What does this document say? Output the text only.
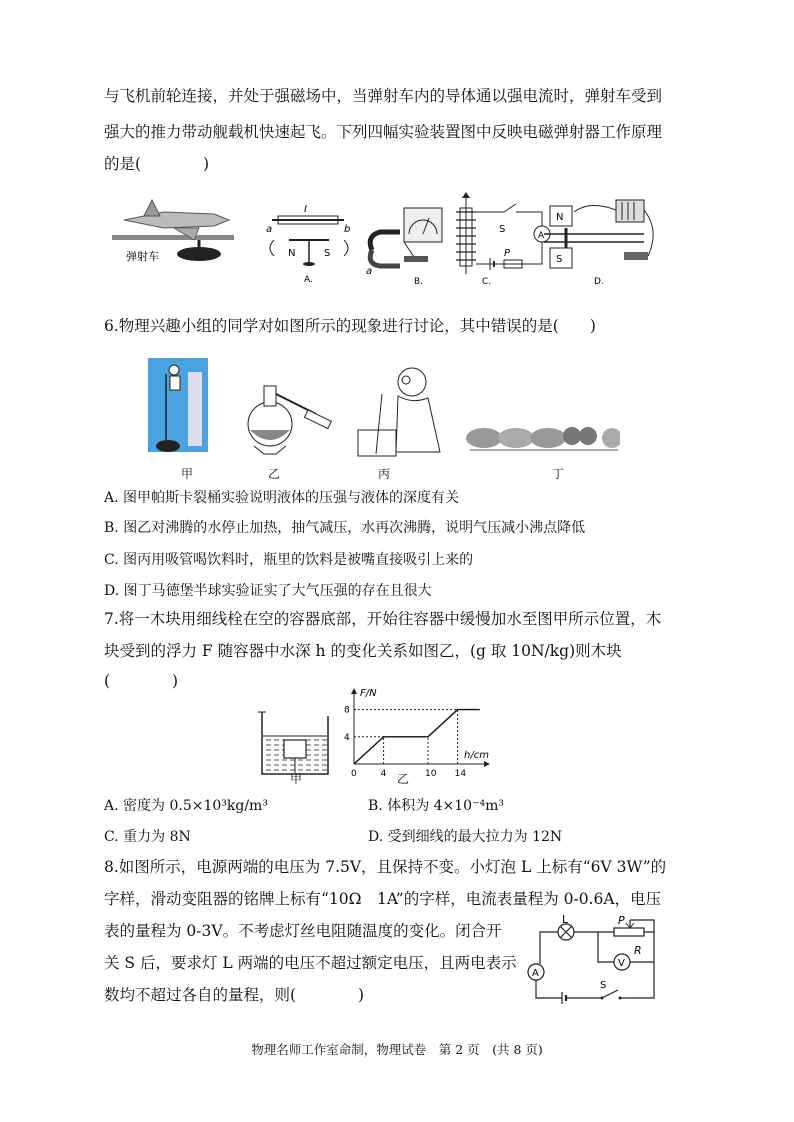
与飞机前轮连接，并处于强磁场中，当弹射车内的导体通以强电流时，弹射车受到
强大的推力带动舰载机快速起飞。下列四幅实验装置图中反映电磁弹射器工作原理
的是(　　　　)
弹射车
I
a	b
N	S
A.
a
B.
S
A
P
C.
N
S
D.
6.物理兴趣小组的同学对如图所示的现象进行讨论，其中错误的是(　　)
甲	乙	丙	丁
A. 图甲帕斯卡裂桶实验说明液体的压强与液体的深度有关
B. 图乙对沸腾的水停止加热，抽气减压，水再次沸腾，说明气压减小沸点降低
C. 图丙用吸管喝饮料时，瓶里的饮料是被嘴直接吸引上来的
D. 图丁马德堡半球实验证实了大气压强的存在且很大
7.将一木块用细线栓在空的容器底部，开始往容器中缓慢加水至图甲所示位置，木
块受到的浮力 F 随容器中水深 h 的变化关系如图乙，(g 取 10N/kg)则木块
(　　　　)
甲
h/cm
F/N
0	4	10 14
4
8
乙
A. 密度为 0.5×10³kg/m³	B. 体积为 4×10⁻⁴m³
C. 重力为 8N	D. 受到细线的最大拉力为 12N
8.如图所示，电源两端的电压为 7.5V，且保持不变。小灯泡 L 上标有“6V 3W”的
字样，滑动变阻器的铭牌上标有“10Ω　1A”的字样，电流表量程为 0-0.6A，电压
表的量程为 0-3V。不考虑灯丝电阻随温度的变化。闭合开
关 S 后，要求灯 L 两端的电压不超过额定电压，且两电表示
数均不超过各自的量程，则(　　　　)
L	P
R
V
A
S
物理名师工作室命制，物理试卷　第 2 页　(共 8 页)
